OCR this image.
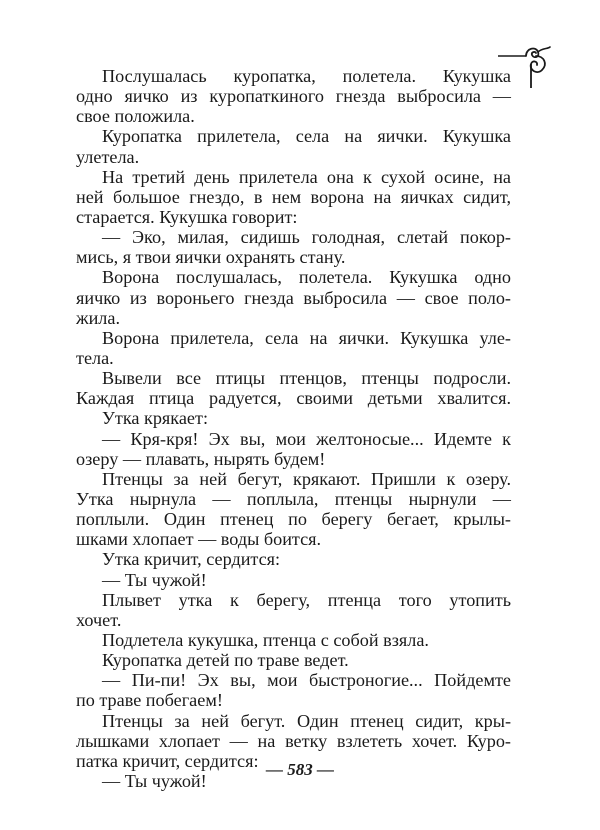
Послушалась куропатка, полетела. Кукушка
одно яичко из куропаткиного гнезда выбросила —
свое положила.
Куропатка прилетела, села на яички. Кукушка
улетела.
На третий день прилетела она к сухой осине, на
ней большое гнездо, в нем ворона на яичках сидит,
старается. Кукушка говорит:
— Эко, милая, сидишь голодная, слетай покор-
мись, я твои яички охранять стану.
Ворона послушалась, полетела. Кукушка одно
яичко из вороньего гнезда выбросила — свое поло-
жила.
Ворона прилетела, села на яички. Кукушка уле-
тела.
Вывели все птицы птенцов, птенцы подросли.
Каждая птица радуется, своими детьми хвалится.
Утка крякает:
— Кря-кря! Эх вы, мои желтоносые... Идемте к
озеру — плавать, нырять будем!
Птенцы за ней бегут, крякают. Пришли к озеру.
Утка нырнула — поплыла, птенцы нырнули —
поплыли. Один птенец по берегу бегает, крылы-
шками хлопает — воды боится.
Утка кричит, сердится:
— Ты чужой!
Плывет утка к берегу, птенца того утопить
хочет.
Подлетела кукушка, птенца с собой взяла.
Куропатка детей по траве ведет.
— Пи-пи! Эх вы, мои быстроногие... Пойдемте
по траве побегаем!
Птенцы за ней бегут. Один птенец сидит, кры-
лышками хлопает — на ветку взлететь хочет. Куро-
патка кричит, сердится:
— Ты чужой!
— 583 —
